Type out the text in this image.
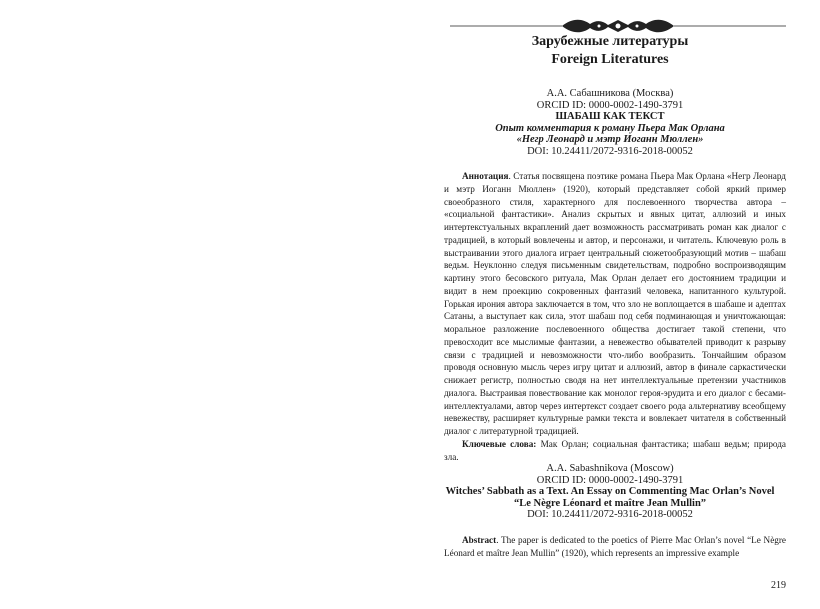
Зарубежные литературы
Foreign Literatures
А.А. Сабашникова (Москва)
ORCID ID: 0000-0002-1490-3791
ШАБАШ КАК ТЕКСТ
Опыт комментария к роману Пьера Мак Орлана
«Негр Леонард и мэтр Иоганн Мюллен»
DOI: 10.24411/2072-9316-2018-00052

Аннотация. Статья посвящена поэтике романа Пьера Мак Орлана «Негр Леонард и мэтр Иоганн Мюллен» (1920), который представляет собой яркий пример своеобразного стиля, характерного для послевоенного творчества автора – «социальной фантастики». Анализ скрытых и явных цитат, аллюзий и иных интертекстуальных вкраплений дает возможность рассматривать роман как диалог с традицией, в который вовлечены и автор, и персонажи, и читатель. Ключевую роль в выстраивании этого диалога играет центральный сюжетообразующий мотив – шабаш ведьм. Неуклонно следуя письменным свидетельствам, подробно воспроизводящим картину этого бесовского ритуала, Мак Орлан делает его достоянием традиции и видит в нем проекцию сокровенных фантазий человека, напитанного культурой. Горькая ирония автора заключается в том, что зло не воплощается в шабаше и адептах Сатаны, а выступает как сила, этот шабаш под себя подминающая и уничтожающая: моральное разложение послевоенного общества достигает такой степени, что превосходит все мыслимые фантазии, а невежество обывателей приводит к разрыву связи с традицией и невозможности что-либо вообразить. Тончайшим образом проводя основную мысль через игру цитат и аллюзий, автор в финале саркастически снижает регистр, полностью сводя на нет интеллектуальные претензии участников диалога. Выстраивая повествование как монолог героя-эрудита и его диалог с бесами-интеллектуалами, автор через интертекст создает своего рода альтернативу всеобщему невежеству, расширяет культурные рамки текста и вовлекает читателя в собственный диалог с литературной традицией.

Ключевые слова: Мак Орлан; социальная фантастика; шабаш ведьм; природа зла.

A.A. Sabashnikova (Moscow)
ORCID ID: 0000-0002-1490-3791
Witches’ Sabbath as a Text. An Essay on Commenting Mac Orlan’s Novel
“Le Nègre Léonard et maître Jean Mullin”
DOI: 10.24411/2072-9316-2018-00052

Abstract. The paper is dedicated to the poetics of Pierre Mac Orlan’s novel “Le Nègre Léonard et maître Jean Mullin” (1920), which represents an impressive example

219
